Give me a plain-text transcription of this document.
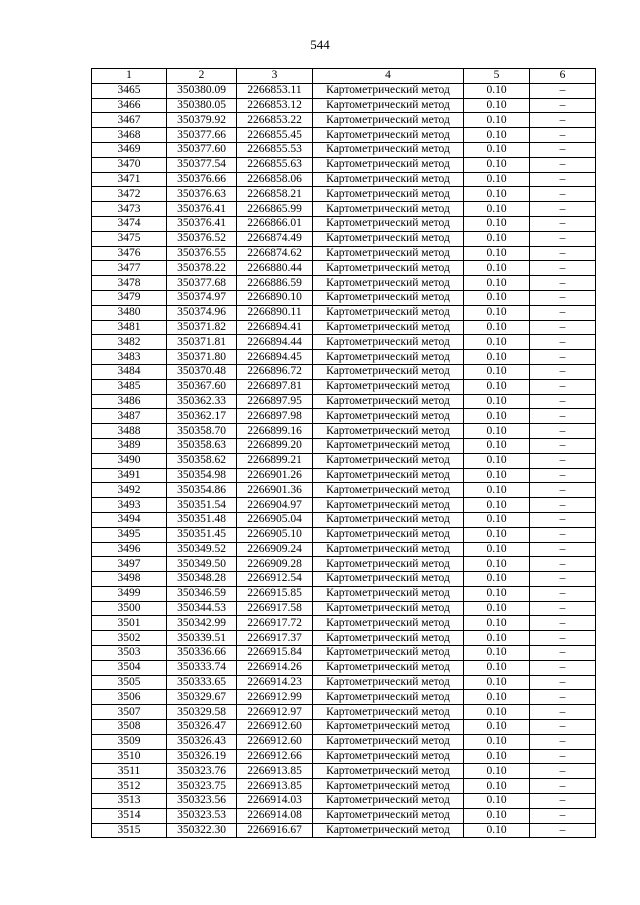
544
1	2	3	4	5	6
3465	350380.09	2266853.11	Картометрический метод	0.10	–
3466	350380.05	2266853.12	Картометрический метод	0.10	–
3467	350379.92	2266853.22	Картометрический метод	0.10	–
3468	350377.66	2266855.45	Картометрический метод	0.10	–
3469	350377.60	2266855.53	Картометрический метод	0.10	–
3470	350377.54	2266855.63	Картометрический метод	0.10	–
3471	350376.66	2266858.06	Картометрический метод	0.10	–
3472	350376.63	2266858.21	Картометрический метод	0.10	–
3473	350376.41	2266865.99	Картометрический метод	0.10	–
3474	350376.41	2266866.01	Картометрический метод	0.10	–
3475	350376.52	2266874.49	Картометрический метод	0.10	–
3476	350376.55	2266874.62	Картометрический метод	0.10	–
3477	350378.22	2266880.44	Картометрический метод	0.10	–
3478	350377.68	2266886.59	Картометрический метод	0.10	–
3479	350374.97	2266890.10	Картометрический метод	0.10	–
3480	350374.96	2266890.11	Картометрический метод	0.10	–
3481	350371.82	2266894.41	Картометрический метод	0.10	–
3482	350371.81	2266894.44	Картометрический метод	0.10	–
3483	350371.80	2266894.45	Картометрический метод	0.10	–
3484	350370.48	2266896.72	Картометрический метод	0.10	–
3485	350367.60	2266897.81	Картометрический метод	0.10	–
3486	350362.33	2266897.95	Картометрический метод	0.10	–
3487	350362.17	2266897.98	Картометрический метод	0.10	–
3488	350358.70	2266899.16	Картометрический метод	0.10	–
3489	350358.63	2266899.20	Картометрический метод	0.10	–
3490	350358.62	2266899.21	Картометрический метод	0.10	–
3491	350354.98	2266901.26	Картометрический метод	0.10	–
3492	350354.86	2266901.36	Картометрический метод	0.10	–
3493	350351.54	2266904.97	Картометрический метод	0.10	–
3494	350351.48	2266905.04	Картометрический метод	0.10	–
3495	350351.45	2266905.10	Картометрический метод	0.10	–
3496	350349.52	2266909.24	Картометрический метод	0.10	–
3497	350349.50	2266909.28	Картометрический метод	0.10	–
3498	350348.28	2266912.54	Картометрический метод	0.10	–
3499	350346.59	2266915.85	Картометрический метод	0.10	–
3500	350344.53	2266917.58	Картометрический метод	0.10	–
3501	350342.99	2266917.72	Картометрический метод	0.10	–
3502	350339.51	2266917.37	Картометрический метод	0.10	–
3503	350336.66	2266915.84	Картометрический метод	0.10	–
3504	350333.74	2266914.26	Картометрический метод	0.10	–
3505	350333.65	2266914.23	Картометрический метод	0.10	–
3506	350329.67	2266912.99	Картометрический метод	0.10	–
3507	350329.58	2266912.97	Картометрический метод	0.10	–
3508	350326.47	2266912.60	Картометрический метод	0.10	–
3509	350326.43	2266912.60	Картометрический метод	0.10	–
3510	350326.19	2266912.66	Картометрический метод	0.10	–
3511	350323.76	2266913.85	Картометрический метод	0.10	–
3512	350323.75	2266913.85	Картометрический метод	0.10	–
3513	350323.56	2266914.03	Картометрический метод	0.10	–
3514	350323.53	2266914.08	Картометрический метод	0.10	–
3515	350322.30	2266916.67	Картометрический метод	0.10	–
